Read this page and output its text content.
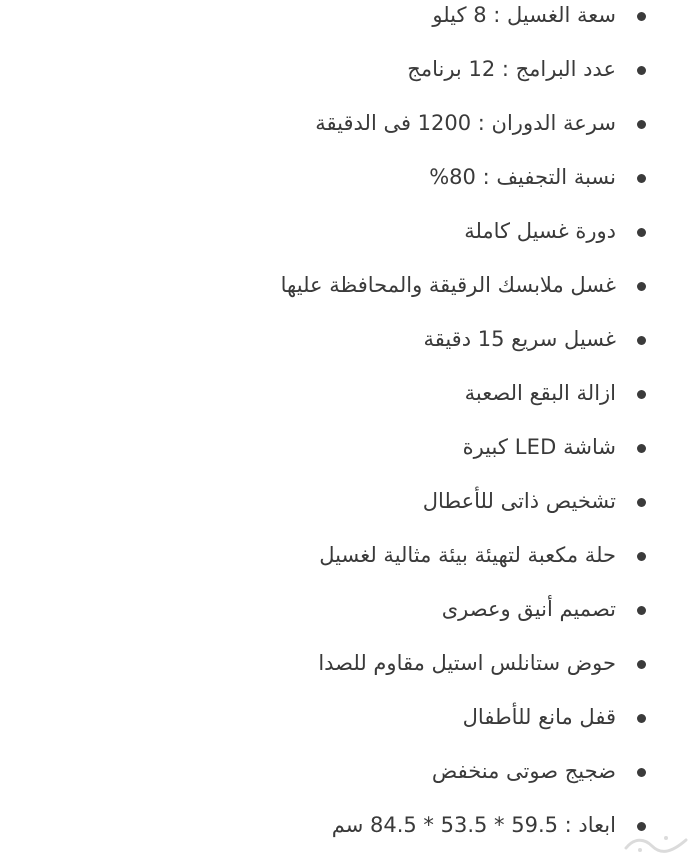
سعة الغسيل : 8 كيلو
عدد البرامج : 12 برنامج
سرعة الدوران : 1200 فى الدقيقة
نسبة التجفيف : 80%
دورة غسيل كاملة
غسل ملابسك الرقيقة والمحافظة عليها
غسيل سريع 15 دقيقة
ازالة البقع الصعبة
شاشة LED كبيرة
تشخيص ذاتى للأعطال
حلة مكعبة لتهيئة بيئة مثالية لغسيل
تصميم أنيق وعصرى
حوض ستانلس استيل مقاوم للصدا
قفل مانع للأطفال
ضجيج صوتى منخفض
ابعاد : 59.5 * 53.5 * 84.5 سم
